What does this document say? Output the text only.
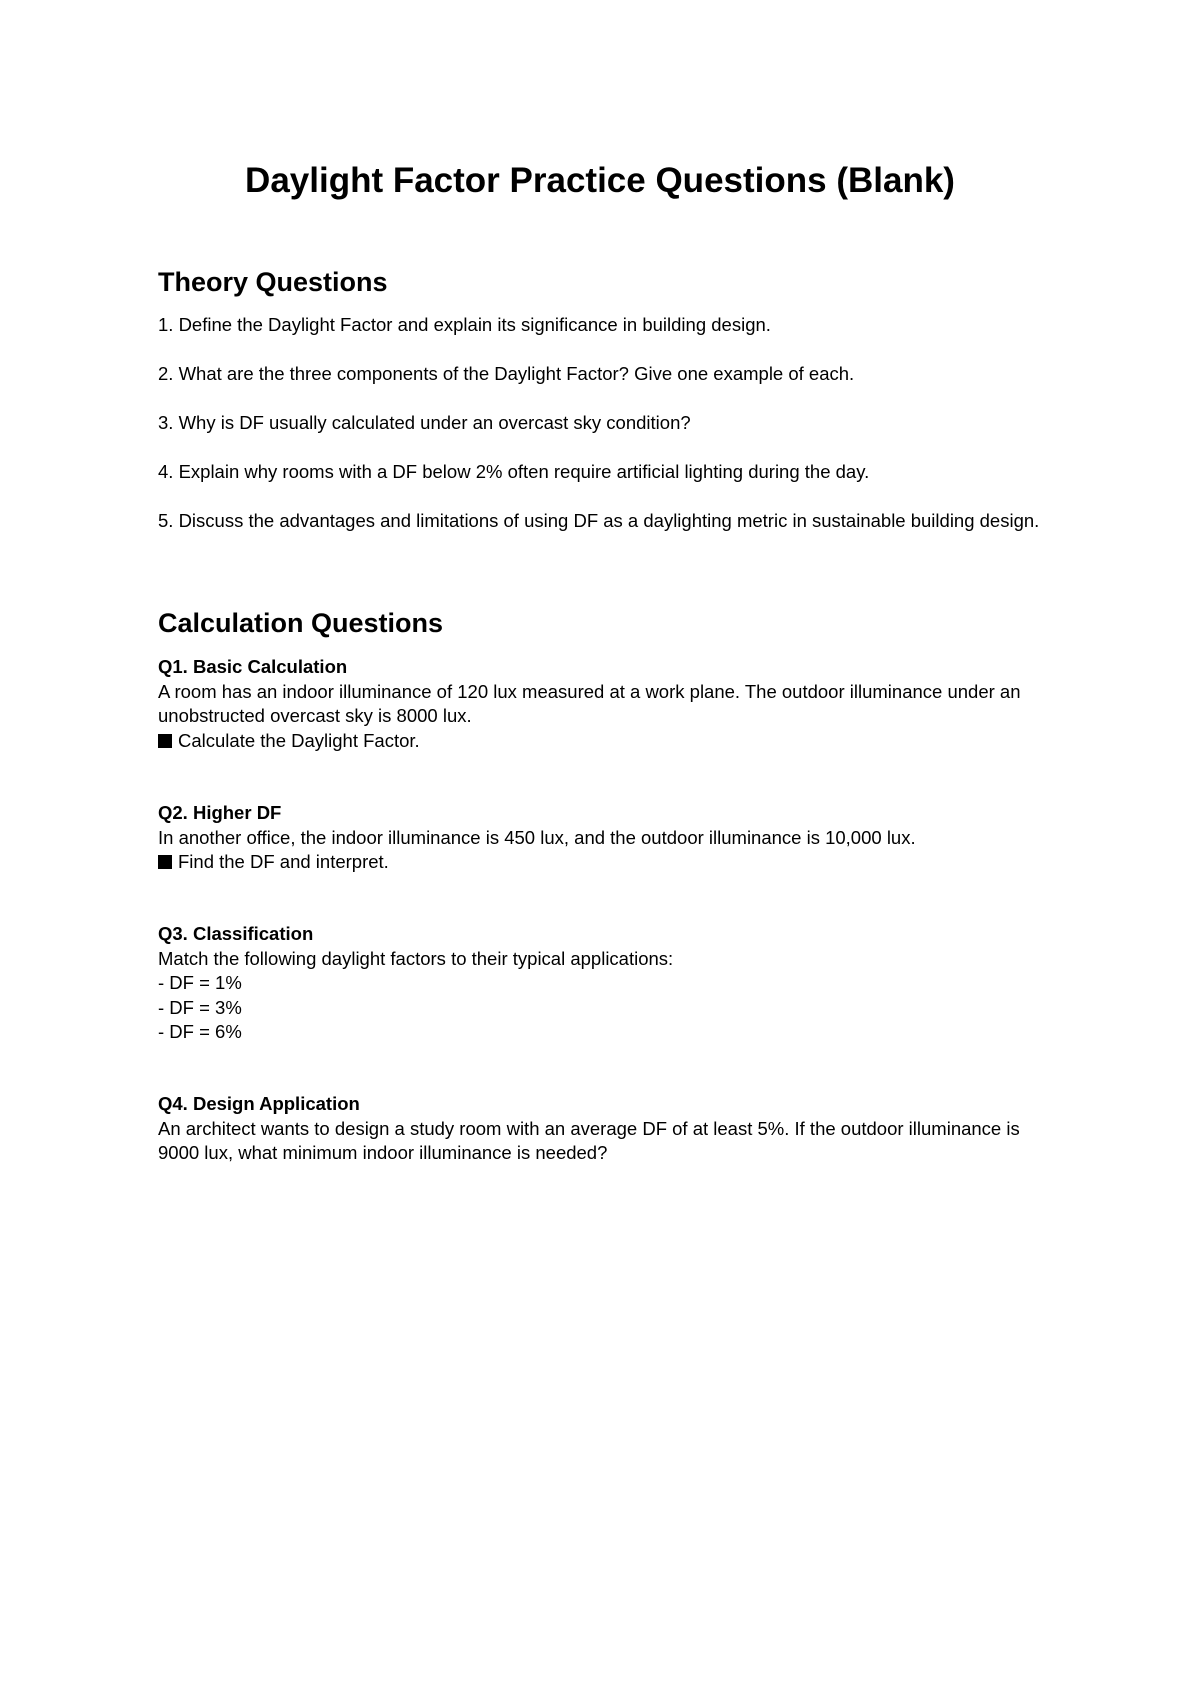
Daylight Factor Practice Questions (Blank)
Theory Questions

1. Define the Daylight Factor and explain its significance in building design.

2. What are the three components of the Daylight Factor? Give one example of each.

3. Why is DF usually calculated under an overcast sky condition?

4. Explain why rooms with a DF below 2% often require artificial lighting during the day.

5. Discuss the advantages and limitations of using DF as a daylighting metric in sustainable building design.

Calculation Questions
Q1. Basic Calculation
A room has an indoor illuminance of 120 lux measured at a work plane. The outdoor illuminance under an unobstructed overcast sky is 8000 lux.
Calculate the Daylight Factor.
Q2. Higher DF
In another office, the indoor illuminance is 450 lux, and the outdoor illuminance is 10,000 lux.
Find the DF and interpret.
Q3. Classification
Match the following daylight factors to their typical applications:
- DF = 1%
- DF = 3%
- DF = 6%
Q4. Design Application
An architect wants to design a study room with an average DF of at least 5%. If the outdoor illuminance is 9000 lux, what minimum indoor illuminance is needed?
